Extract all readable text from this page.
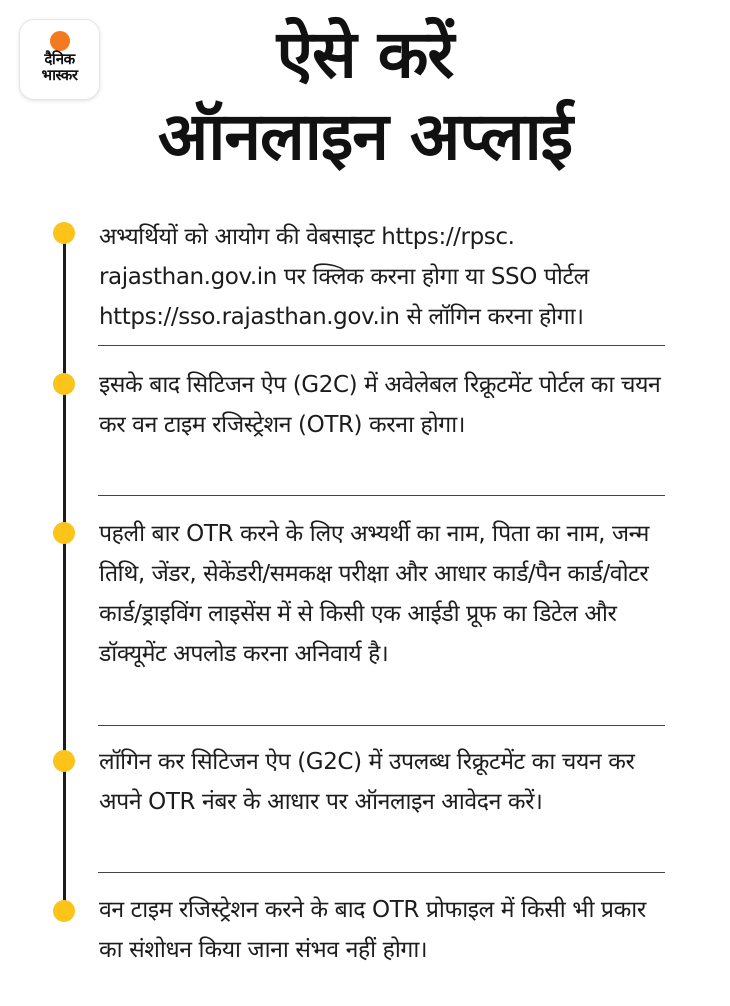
दैनिक
भास्कर	ऐसे करें
ऑनलाइन अप्लाई
अभ्यर्थियों को आयोग की वेबसाइट https://rpsc. rajasthan.gov.in पर क्लिक करना होगा या SSO पोर्टल https://sso.rajasthan.gov.in से लॉगिन करना होगा।
इसके बाद सिटिजन ऐप (G2C) में अवेलेबल रिक्रूटमेंट पोर्टल का चयन कर वन टाइम रजिस्ट्रेशन (OTR) करना होगा।
पहली बार OTR करने के लिए अभ्यर्थी का नाम, पिता का नाम, जन्म तिथि, जेंडर, सेकेंडरी/समकक्ष परीक्षा और आधार कार्ड/पैन कार्ड/वोटर कार्ड/ड्राइविंग लाइसेंस में से किसी एक आईडी प्रूफ का डिटेल और डॉक्यूमेंट अपलोड करना अनिवार्य है।
लॉगिन कर सिटिजन ऐप (G2C) में उपलब्ध रिक्रूटमेंट का चयन कर अपने OTR नंबर के आधार पर ऑनलाइन आवेदन करें।
वन टाइम रजिस्ट्रेशन करने के बाद OTR प्रोफाइल में किसी भी प्रकार का संशोधन किया जाना संभव नहीं होगा।
